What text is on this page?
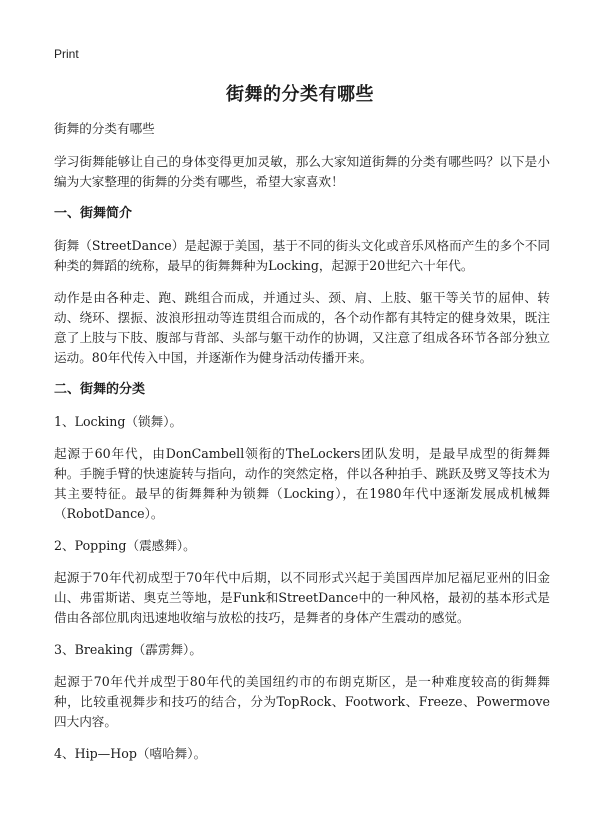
Print
街舞的分类有哪些

街舞的分类有哪些

学习街舞能够让自己的身体变得更加灵敏，那么大家知道街舞的分类有哪些吗？以下是小编为大家整理的街舞的分类有哪些，希望大家喜欢！

一、街舞简介

街舞（StreetDance）是起源于美国，基于不同的街头文化或音乐风格而产生的多个不同种类的舞蹈的统称，最早的街舞舞种为Locking，起源于20世纪六十年代。

动作是由各种走、跑、跳组合而成，并通过头、颈、肩、上肢、躯干等关节的屈伸、转动、绕环、摆振、波浪形扭动等连贯组合而成的，各个动作都有其特定的健身效果，既注意了上肢与下肢、腹部与背部、头部与躯干动作的协调，又注意了组成各环节各部分独立运动。80年代传入中国，并逐渐作为健身活动传播开来。

二、街舞的分类

1、Locking（锁舞）。

起源于60年代，由DonCambell领衔的TheLockers团队发明，是最早成型的街舞舞种。手腕手臂的快速旋转与指向，动作的突然定格，伴以各种拍手、跳跃及劈叉等技术为其主要特征。最早的街舞舞种为锁舞（Locking），在1980年代中逐渐发展成机械舞（RobotDance）。

2、Popping（震感舞）。

起源于70年代初成型于70年代中后期，以不同形式兴起于美国西岸加尼福尼亚州的旧金山、弗雷斯诺、奥克兰等地，是Funk和StreetDance中的一种风格，最初的基本形式是借由各部位肌肉迅速地收缩与放松的技巧，是舞者的身体产生震动的感觉。

3、Breaking（霹雳舞）。

起源于70年代并成型于80年代的美国纽约市的布朗克斯区，是一种难度较高的街舞舞种，比较重视舞步和技巧的结合，分为TopRock、Footwork、Freeze、Powermove四大内容。

4、Hip—Hop（嘻哈舞）。
